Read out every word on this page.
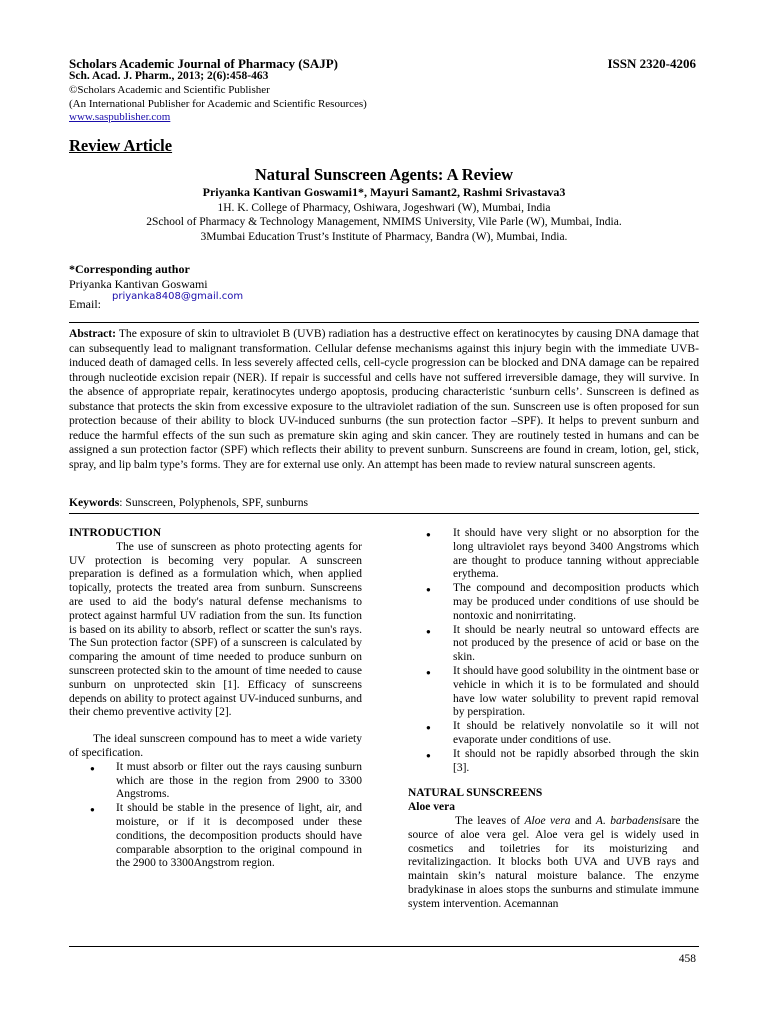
Scholars Academic Journal of Pharmacy (SAJP)	ISSN 2320-4206
Sch. Acad. J. Pharm., 2013; 2(6):458-463
©Scholars Academic and Scientific Publisher
(An International Publisher for Academic and Scientific Resources)
www.saspublisher.com
Review Article
Natural Sunscreen Agents: A Review
Priyanka Kantivan Goswami1*, Mayuri Samant2, Rashmi Srivastava3
1H. K. College of Pharmacy, Oshiwara, Jogeshwari (W), Mumbai, India
2School of Pharmacy & Technology Management, NMIMS University, Vile Parle (W), Mumbai, India.
3Mumbai Education Trust’s Institute of Pharmacy, Bandra (W), Mumbai, India.
*Corresponding author
Priyanka Kantivan Goswami
Email:
priyanka8408@gmail.com
Abstract: The exposure of skin to ultraviolet B (UVB) radiation has a destructive effect on keratinocytes by causing DNA damage that can subsequently lead to malignant transformation. Cellular defense mechanisms against this injury begin with the immediate UVB-induced death of damaged cells. In less severely affected cells, cell-cycle progression can be blocked and DNA damage can be repaired through nucleotide excision repair (NER). If repair is successful and cells have not suffered irreversible damage, they will survive. In the absence of appropriate repair, keratinocytes undergo apoptosis, producing characteristic ‘sunburn cells’. Sunscreen is defined as substance that protects the skin from excessive exposure to the ultraviolet radiation of the sun. Sunscreen use is often proposed for sun protection because of their ability to block UV-induced sunburns (the sun protection factor –SPF). It helps to prevent sunburn and reduce the harmful effects of the sun such as premature skin aging and skin cancer. They are routinely tested in humans and can be assigned a sun protection factor (SPF) which reflects their ability to prevent sunburn. Sunscreens are found in cream, lotion, gel, stick, spray, and lip balm type’s forms. They are for external use only. An attempt has been made to review natural sunscreen agents.
Keywords: Sunscreen, Polyphenols, SPF, sunburns

INTRODUCTION

The use of sunscreen as photo protecting agents for UV protection is becoming very popular. A sunscreen preparation is defined as a formulation which, when applied topically, protects the treated area from sunburn. Sunscreens are used to aid the body's natural defense mechanisms to protect against harmful UV radiation from the sun. Its function is based on its ability to absorb, reflect or scatter the sun's rays. The Sun protection factor (SPF) of a sunscreen is calculated by comparing the amount of time needed to produce sunburn on sunscreen protected skin to the amount of time needed to cause sunburn on unprotected skin [1]. Efficacy of sunscreens depends on ability to protect against UV-induced sunburns, and their chemo preventive activity [2].

The ideal sunscreen compound has to meet a wide variety of specification.

● It must absorb or filter out the rays causing sunburn which are those in the region from 2900 to 3300 Angstroms.
● It should be stable in the presence of light, air, and moisture, or if it is decomposed under these conditions, the decomposition products should have comparable absorption to the original compound in the 2900 to 3300Angstrom region.
● It should have very slight or no absorption for the long ultraviolet rays beyond 3400 Angstroms which are thought to produce tanning without appreciable erythema.
● The compound and decomposition products which may be produced under conditions of use should be nontoxic and nonirritating.
● It should be nearly neutral so untoward effects are not produced by the presence of acid or base on the skin.
● It should have good solubility in the ointment base or vehicle in which it is to be formulated and should have low water solubility to prevent rapid removal by perspiration.
● It should be relatively nonvolatile so it will not evaporate under conditions of use.
● It should not be rapidly absorbed through the skin [3].

NATURAL SUNSCREENS

Aloe vera

The leaves of Aloe vera and A. barbadensisare the source of aloe vera gel. Aloe vera gel is widely used in cosmetics and toiletries for its moisturizing and revitalizingaction. It blocks both UVA and UVB rays and maintain skin’s natural moisture balance. The enzyme bradykinase in aloes stops the sunburns and stimulate immune system intervention. Acemannan

458
